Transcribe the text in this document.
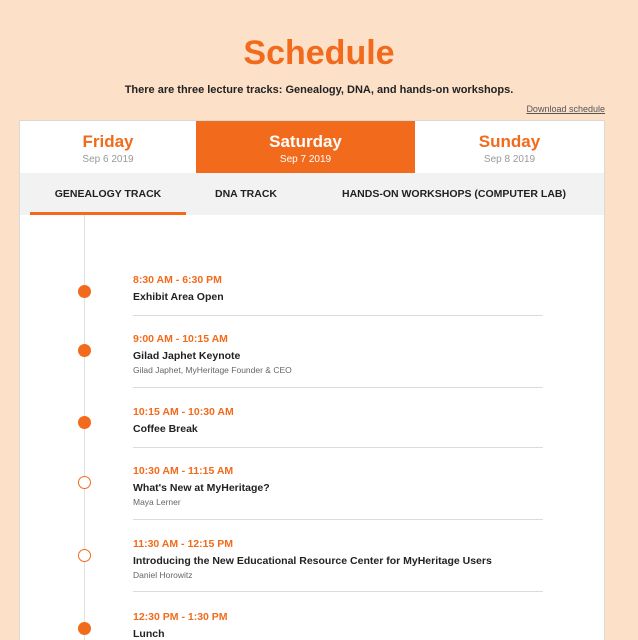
Schedule

There are three lecture tracks: Genealogy, DNA, and hands-on workshops.

Download schedule
Friday
Sep 6 2019
Saturday
Sep 7 2019
Sunday
Sep 8 2019
GENEALOGY TRACK	DNA TRACK	HANDS-ON WORKSHOPS (COMPUTER LAB)
8:30 AM - 6:30 PM
Exhibit Area Open
9:00 AM - 10:15 AM
Gilad Japhet Keynote
Gilad Japhet, MyHeritage Founder & CEO
10:15 AM - 10:30 AM
Coffee Break
10:30 AM - 11:15 AM
What's New at MyHeritage?
Maya Lerner
11:30 AM - 12:15 PM
Introducing the New Educational Resource Center for MyHeritage Users
Daniel Horowitz
12:30 PM - 1:30 PM
Lunch
